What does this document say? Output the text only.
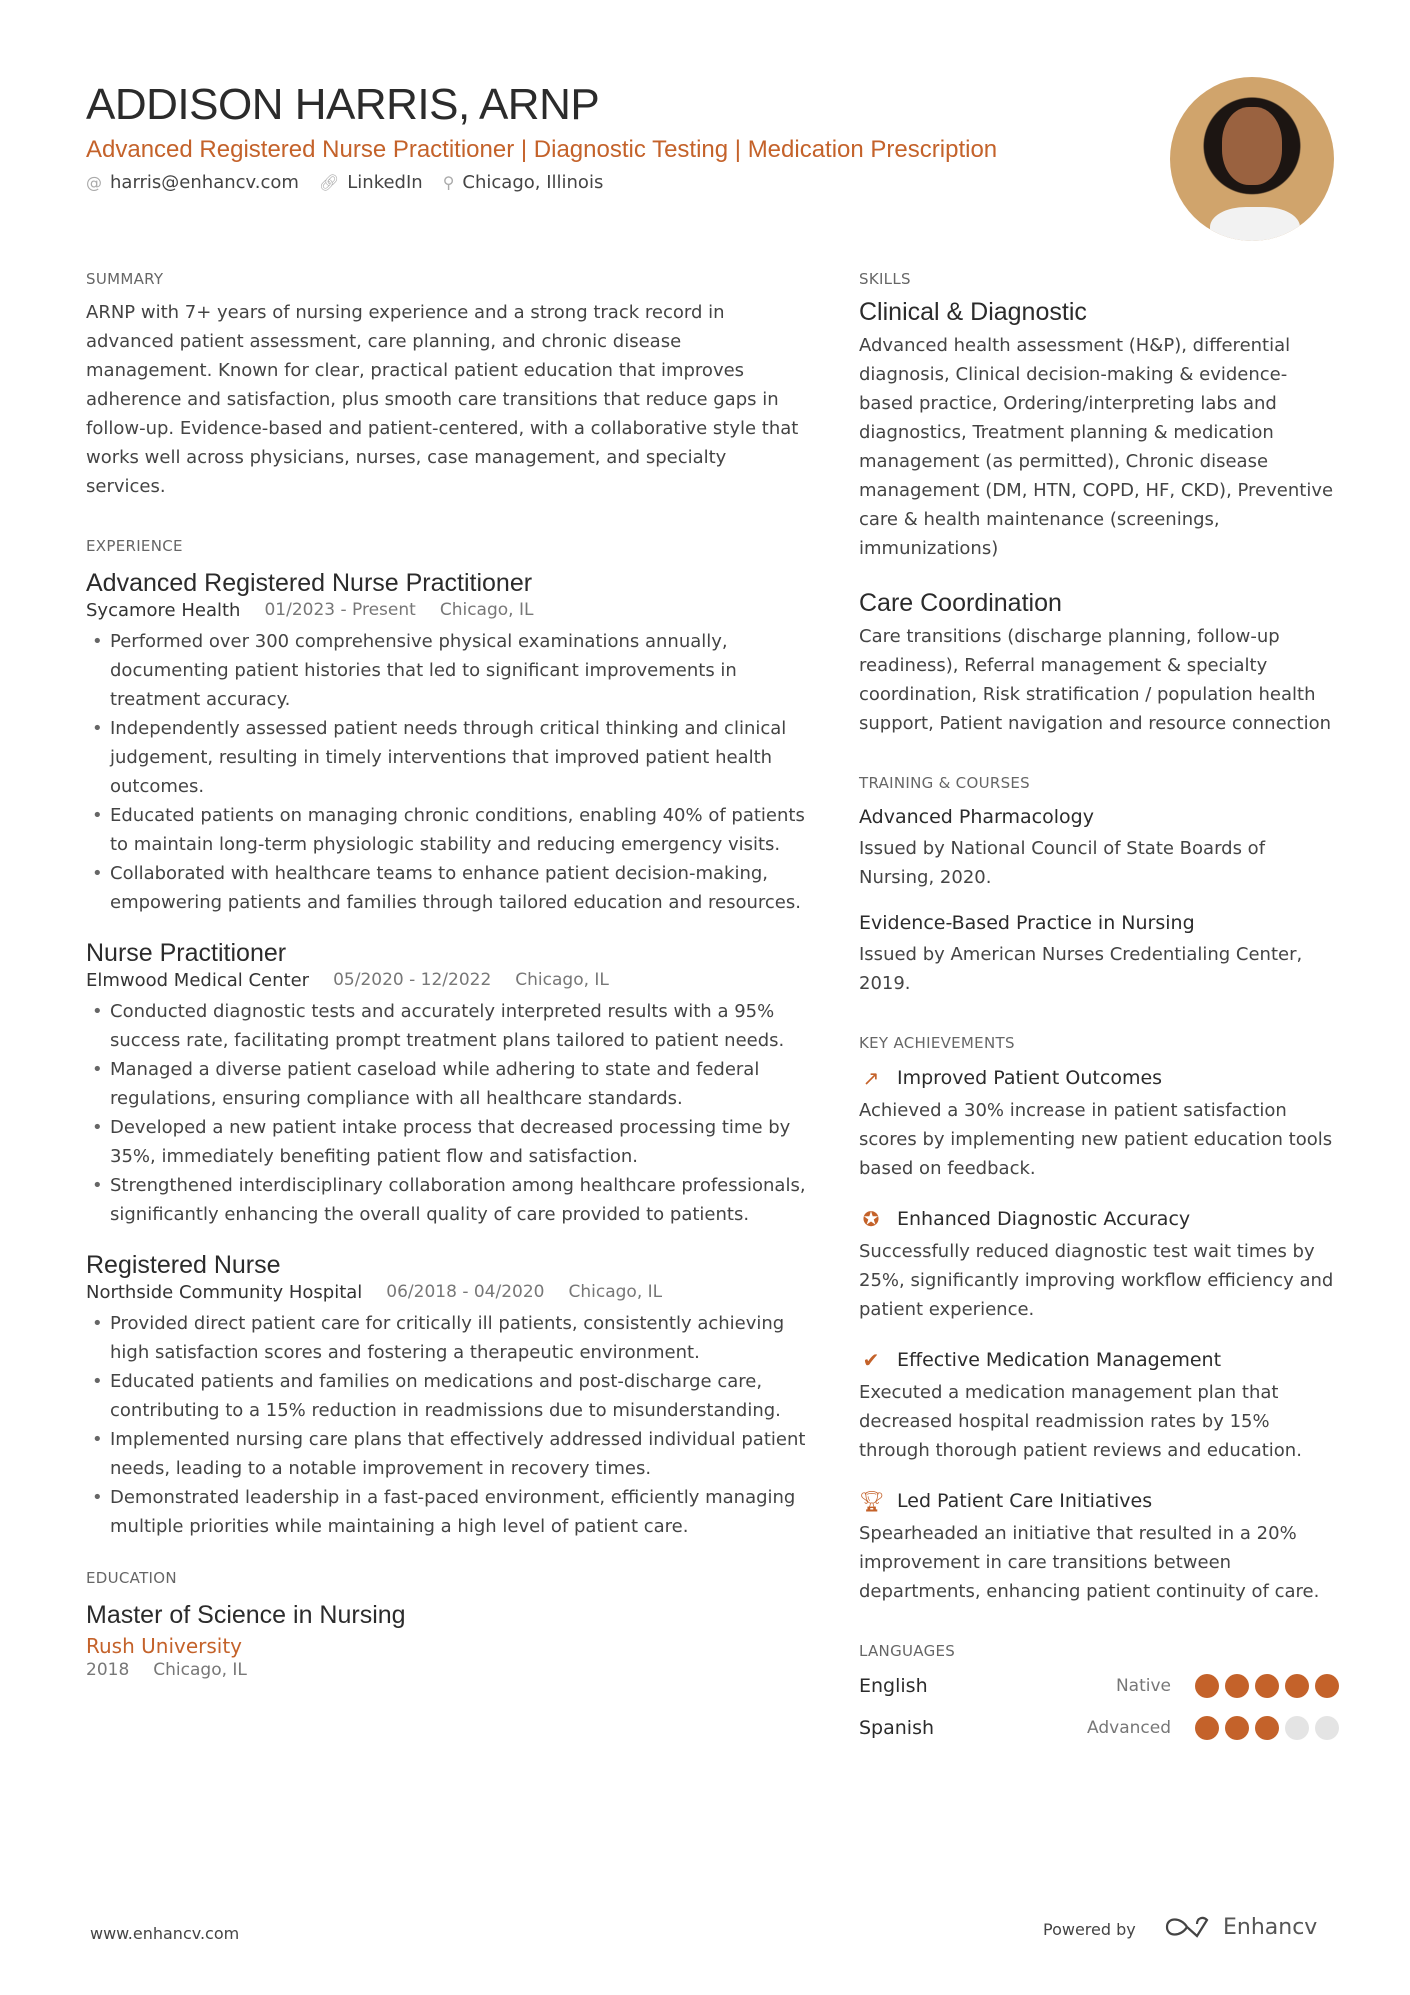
ADDISON HARRIS, ARNP
Advanced Registered Nurse Practitioner | Diagnostic Testing | Medication Prescription
@ harris@enhancv.com 🔗︎ LinkedIn ⚲ Chicago, Illinois
SUMMARY
ARNP with 7+ years of nursing experience and a strong track record in advanced patient assessment, care planning, and chronic disease management. Known for clear, practical patient education that improves adherence and satisfaction, plus smooth care transitions that reduce gaps in follow-up. Evidence-based and patient-centered, with a collaborative style that works well across physicians, nurses, case management, and specialty services.
EXPERIENCE
Advanced Registered Nurse Practitioner
Sycamore Health 01/2023 - Present Chicago, IL
• Performed over 300 comprehensive physical examinations annually, documenting patient histories that led to significant improvements in treatment accuracy.
• Independently assessed patient needs through critical thinking and clinical judgement, resulting in timely interventions that improved patient health outcomes.
• Educated patients on managing chronic conditions, enabling 40% of patients to maintain long-term physiologic stability and reducing emergency visits.
• Collaborated with healthcare teams to enhance patient decision-making, empowering patients and families through tailored education and resources.
Nurse Practitioner
Elmwood Medical Center 05/2020 - 12/2022 Chicago, IL
• Conducted diagnostic tests and accurately interpreted results with a 95% success rate, facilitating prompt treatment plans tailored to patient needs.
• Managed a diverse patient caseload while adhering to state and federal regulations, ensuring compliance with all healthcare standards.
• Developed a new patient intake process that decreased processing time by 35%, immediately benefiting patient flow and satisfaction.
• Strengthened interdisciplinary collaboration among healthcare professionals, significantly enhancing the overall quality of care provided to patients.
Registered Nurse
Northside Community Hospital 06/2018 - 04/2020 Chicago, IL
• Provided direct patient care for critically ill patients, consistently achieving high satisfaction scores and fostering a therapeutic environment.
• Educated patients and families on medications and post-discharge care, contributing to a 15% reduction in readmissions due to misunderstanding.
• Implemented nursing care plans that effectively addressed individual patient needs, leading to a notable improvement in recovery times.
• Demonstrated leadership in a fast-paced environment, efficiently managing multiple priorities while maintaining a high level of patient care.
EDUCATION
Master of Science in Nursing
Rush University
2018 Chicago, IL
SKILLS
Clinical & Diagnostic
Advanced health assessment (H&P), differential diagnosis, Clinical decision-making & evidence-based practice, Ordering/interpreting labs and diagnostics, Treatment planning & medication management (as permitted), Chronic disease management (DM, HTN, COPD, HF, CKD), Preventive care & health maintenance (screenings, immunizations)
Care Coordination
Care transitions (discharge planning, follow-up readiness), Referral management & specialty coordination, Risk stratification / population health support, Patient navigation and resource connection
TRAINING & COURSES
Advanced Pharmacology
Issued by National Council of State Boards of Nursing, 2020.
Evidence-Based Practice in Nursing
Issued by American Nurses Credentialing Center, 2019.
KEY ACHIEVEMENTS
↗ Improved Patient Outcomes
Achieved a 30% increase in patient satisfaction scores by implementing new patient education tools based on feedback.
✪ Enhanced Diagnostic Accuracy
Successfully reduced diagnostic test wait times by 25%, significantly improving workflow efficiency and patient experience.
✔ Effective Medication Management
Executed a medication management plan that decreased hospital readmission rates by 15% through thorough patient reviews and education.
🏆︎ Led Patient Care Initiatives
Spearheaded an initiative that resulted in a 20% improvement in care transitions between departments, enhancing patient continuity of care.
LANGUAGES
English	Native
Spanish	Advanced
www.enhancv.com	Powered by	Enhancv
